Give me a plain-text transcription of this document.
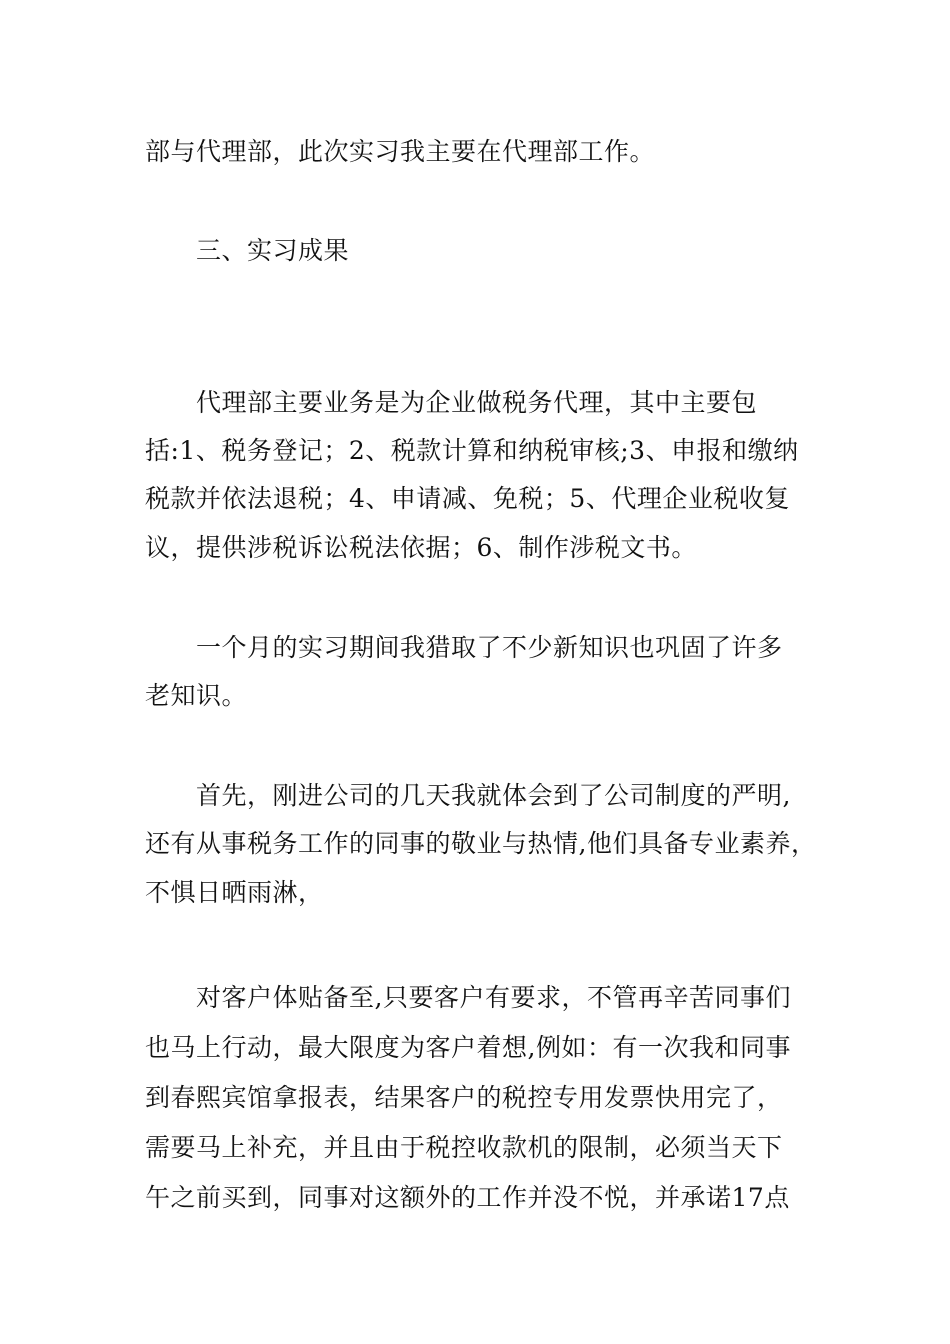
部与代理部，此次实习我主要在代理部工作。
三、实习成果
代理部主要业务是为企业做税务代理，其中主要包
括:1、税务登记；2、税款计算和纳税审核;3、申报和缴纳
税款并依法退税；4、申请减、免税；5、代理企业税收复
议，提供涉税诉讼税法依据；6、制作涉税文书。
一个月的实习期间我猎取了不少新知识也巩固了许多
老知识。
首先，刚进公司的几天我就体会到了公司制度的严明,
还有从事税务工作的同事的敬业与热情,他们具备专业素养，
不惧日晒雨淋，
对客户体贴备至,只要客户有要求，不管再辛苦同事们
也马上行动，最大限度为客户着想,例如：有一次我和同事
到春熙宾馆拿报表，结果客户的税控专用发票快用完了，
需要马上补充，并且由于税控收款机的限制，必须当天下
午之前买到，同事对这额外的工作并没不悦，并承诺17点
